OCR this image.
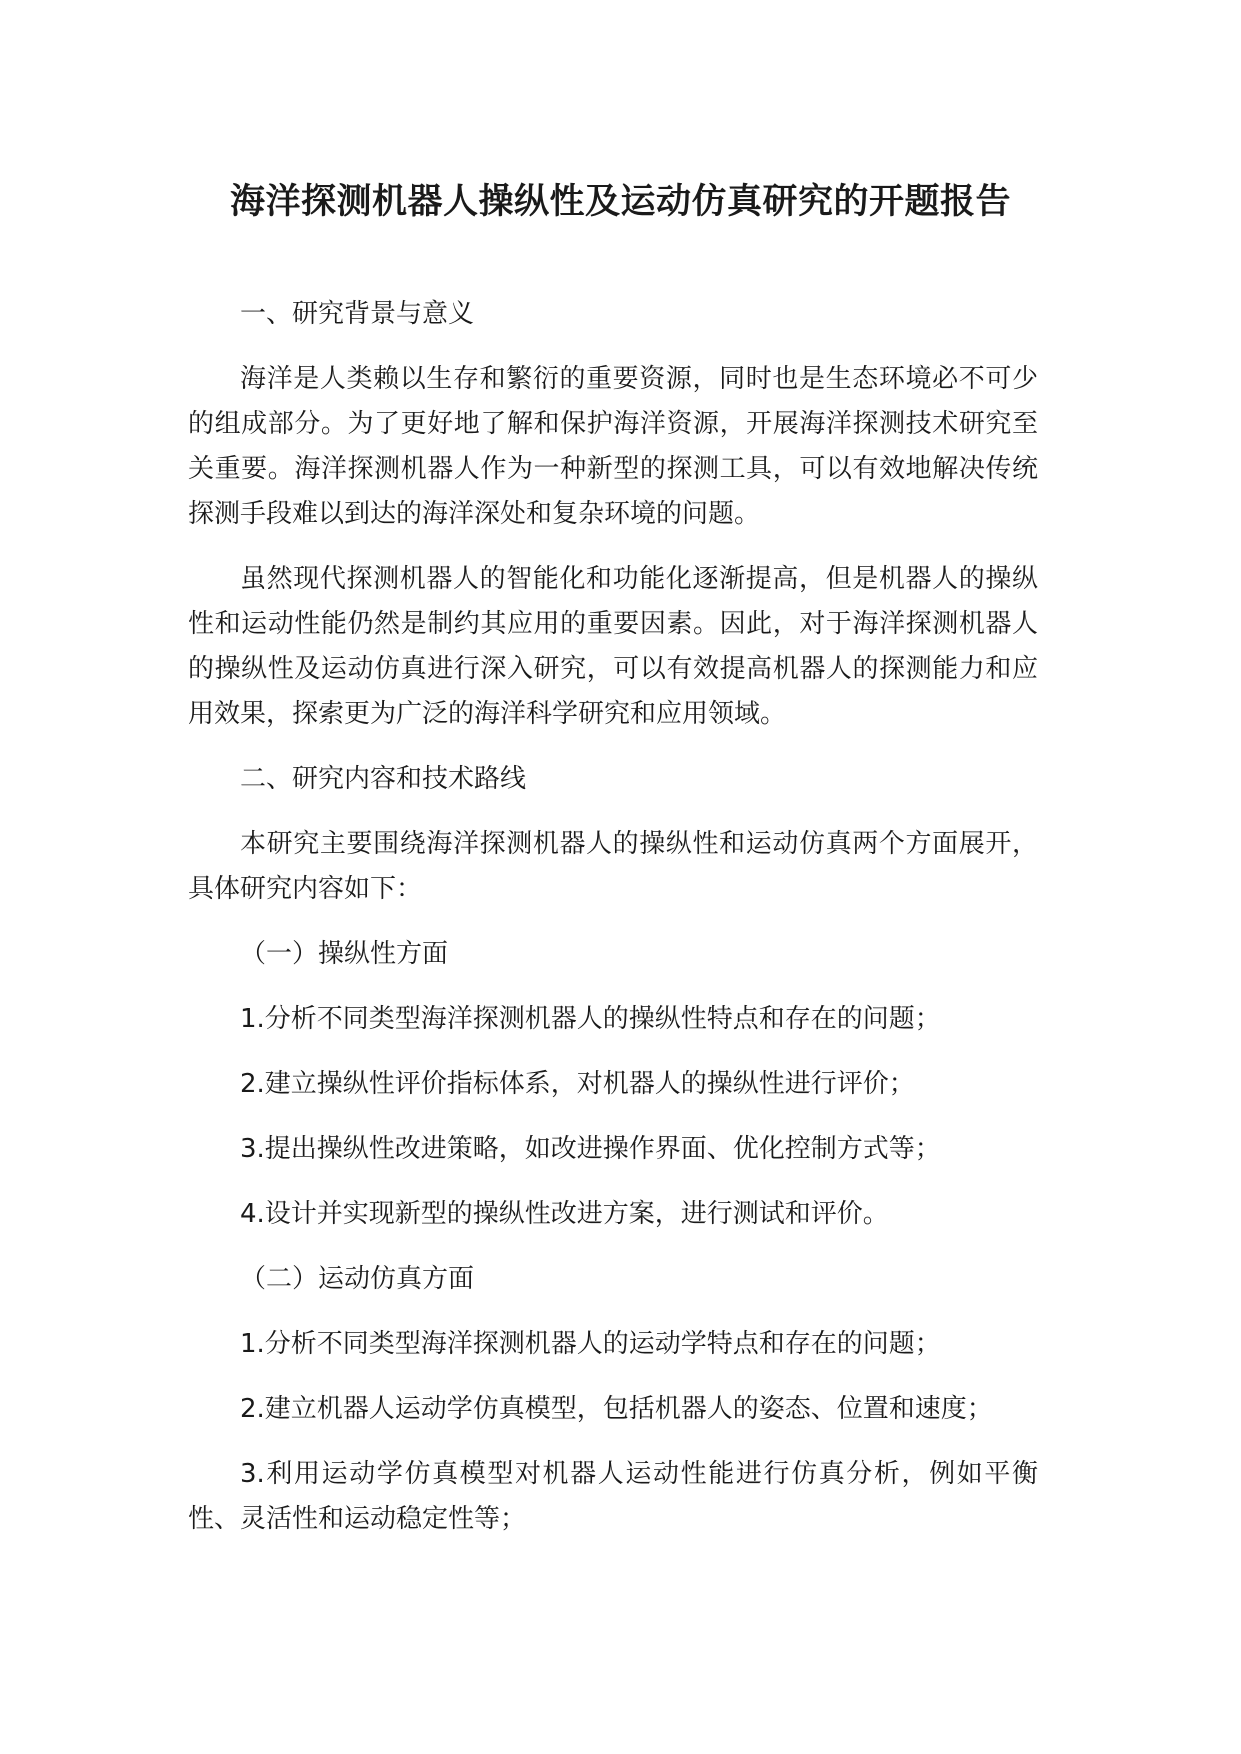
海洋探测机器人操纵性及运动仿真研究的开题报告

一、研究背景与意义

海洋是人类赖以生存和繁衍的重要资源，同时也是生态环境必不可少的组成部分。为了更好地了解和保护海洋资源，开展海洋探测技术研究至关重要。海洋探测机器人作为一种新型的探测工具，可以有效地解决传统探测手段难以到达的海洋深处和复杂环境的问题。

虽然现代探测机器人的智能化和功能化逐渐提高，但是机器人的操纵性和运动性能仍然是制约其应用的重要因素。因此，对于海洋探测机器人的操纵性及运动仿真进行深入研究，可以有效提高机器人的探测能力和应用效果，探索更为广泛的海洋科学研究和应用领域。

二、研究内容和技术路线

本研究主要围绕海洋探测机器人的操纵性和运动仿真两个方面展开，具体研究内容如下：

（一）操纵性方面

1.分析不同类型海洋探测机器人的操纵性特点和存在的问题；

2.建立操纵性评价指标体系，对机器人的操纵性进行评价；

3.提出操纵性改进策略，如改进操作界面、优化控制方式等；

4.设计并实现新型的操纵性改进方案，进行测试和评价。

（二）运动仿真方面

1.分析不同类型海洋探测机器人的运动学特点和存在的问题；

2.建立机器人运动学仿真模型，包括机器人的姿态、位置和速度；

3.利用运动学仿真模型对机器人运动性能进行仿真分析，例如平衡性、灵活性和运动稳定性等；
